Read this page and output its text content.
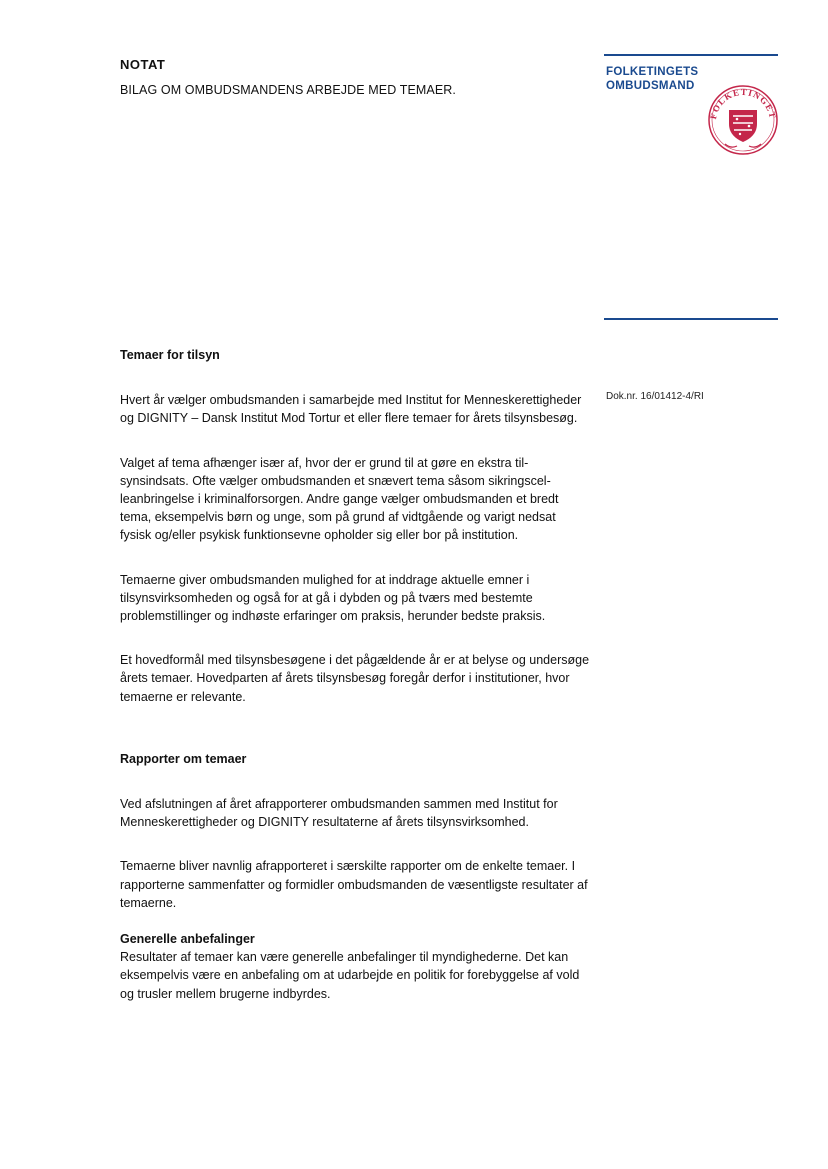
NOTAT
BILAG OM OMBUDSMANDENS ARBEJDE MED TEMAER.
FOLKETINGETS
OMBUDSMAND
FOLKETINGET
Dok.nr. 16/01412-4/RI
Temaer for tilsyn

Hvert år vælger ombudsmanden i samarbejde med Institut for Menneskerettigheder og DIGNITY – Dansk Institut Mod Tortur et eller flere temaer for årets tilsynsbesøg.

Valget af tema afhænger især af, hvor der er grund til at gøre en ekstra tilsynsindsats. Ofte vælger ombudsmanden et snævert tema såsom sikringscelleanbringelse i kriminalforsorgen. Andre gange vælger ombudsmanden et bredt tema, eksempelvis børn og unge, som på grund af vidtgående og varigt nedsat fysisk og/eller psykisk funktionsevne opholder sig eller bor på institution.

Temaerne giver ombudsmanden mulighed for at inddrage aktuelle emner i tilsynsvirksomheden og også for at gå i dybden og på tværs med bestemte problemstillinger og indhøste erfaringer om praksis, herunder bedste praksis.

Et hovedformål med tilsynsbesøgene i det pågældende år er at belyse og undersøge årets temaer. Hovedparten af årets tilsynsbesøg foregår derfor i institutioner, hvor temaerne er relevante.

Rapporter om temaer

Ved afslutningen af året afrapporterer ombudsmanden sammen med Institut for Menneskerettigheder og DIGNITY resultaterne af årets tilsynsvirksomhed.

Temaerne bliver navnlig afrapporteret i særskilte rapporter om de enkelte temaer. I rapporterne sammenfatter og formidler ombudsmanden de væsentligste resultater af temaerne.

Generelle anbefalinger

Resultater af temaer kan være generelle anbefalinger til myndighederne. Det kan eksempelvis være en anbefaling om at udarbejde en politik for forebyggelse af vold og trusler mellem brugerne indbyrdes.
